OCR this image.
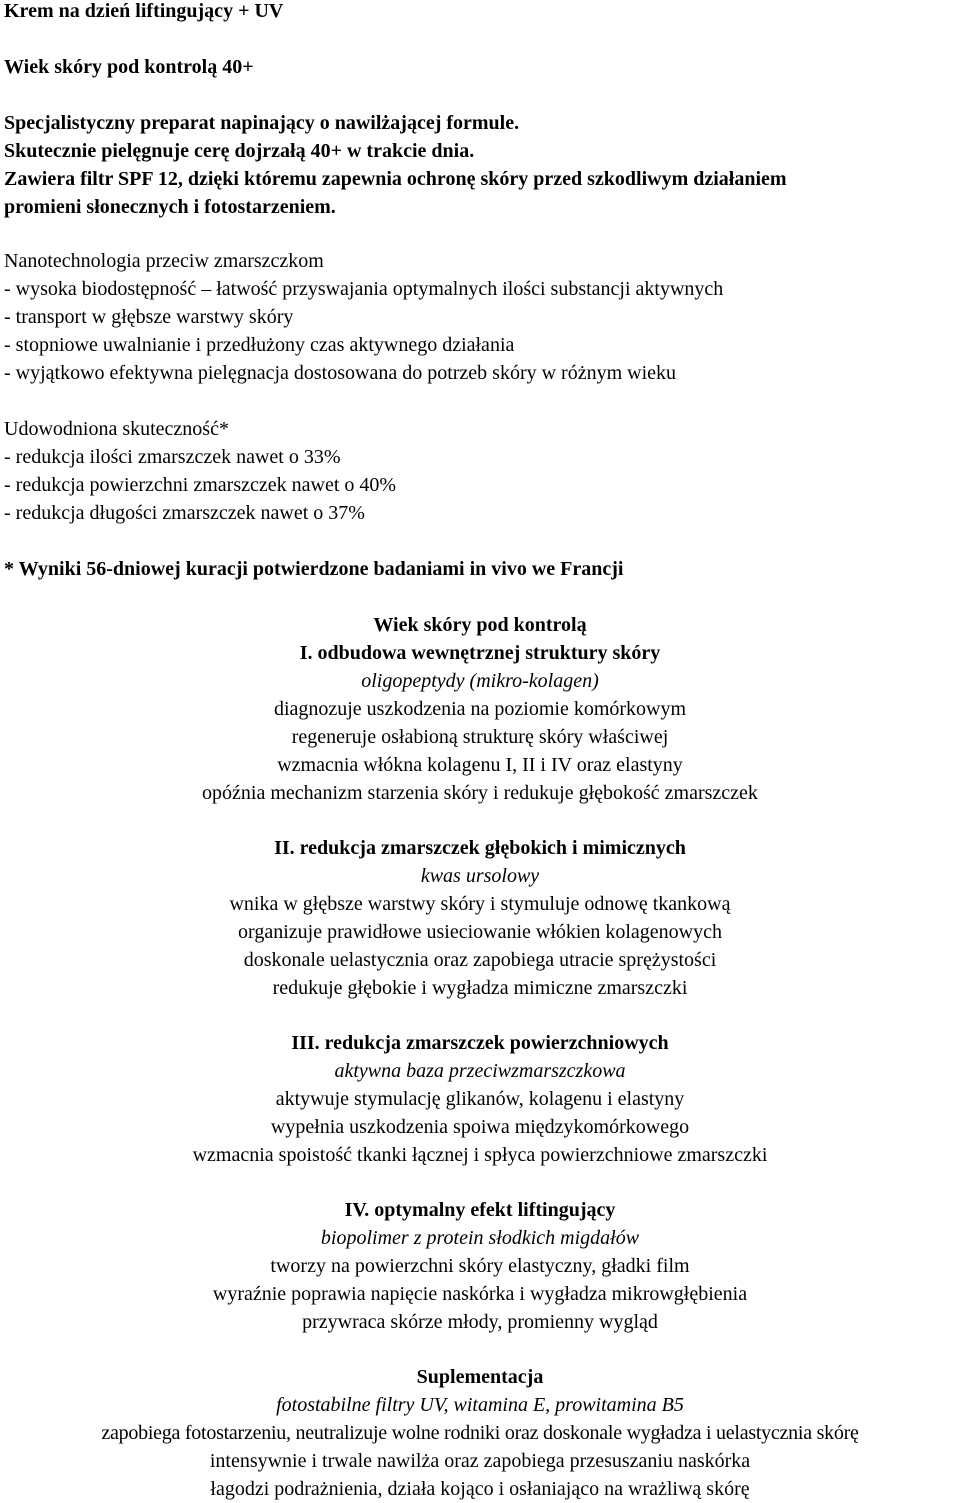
Krem na dzień liftingujący + UV
Wiek skóry pod kontrolą 40+
Specjalistyczny preparat napinający o nawilżającej formule.
Skutecznie pielęgnuje cerę dojrzałą 40+ w trakcie dnia.
Zawiera filtr SPF 12, dzięki któremu zapewnia ochronę skóry przed szkodliwym działaniem
promieni słonecznych i fotostarzeniem.
Nanotechnologia przeciw zmarszczkom
- wysoka biodostępność – łatwość przyswajania optymalnych ilości substancji aktywnych
- transport w głębsze warstwy skóry
- stopniowe uwalnianie i przedłużony czas aktywnego działania
- wyjątkowo efektywna pielęgnacja dostosowana do potrzeb skóry w różnym wieku
Udowodniona skuteczność*
- redukcja ilości zmarszczek nawet o 33%
- redukcja powierzchni zmarszczek nawet o 40%
- redukcja długości zmarszczek nawet o 37%
* Wyniki 56-dniowej kuracji potwierdzone badaniami in vivo we Francji
Wiek skóry pod kontrolą
I. odbudowa wewnętrznej struktury skóry
oligopeptydy (mikro-kolagen)
diagnozuje uszkodzenia na poziomie komórkowym
regeneruje osłabioną strukturę skóry właściwej
wzmacnia włókna kolagenu I, II i IV oraz elastyny
opóźnia mechanizm starzenia skóry i redukuje głębokość zmarszczek
II. redukcja zmarszczek głębokich i mimicznych
kwas ursolowy
wnika w głębsze warstwy skóry i stymuluje odnowę tkankową
organizuje prawidłowe usieciowanie włókien kolagenowych
doskonale uelastycznia oraz zapobiega utracie sprężystości
redukuje głębokie i wygładza mimiczne zmarszczki
III. redukcja zmarszczek powierzchniowych
aktywna baza przeciwzmarszczkowa
aktywuje stymulację glikanów, kolagenu i elastyny
wypełnia uszkodzenia spoiwa międzykomórkowego
wzmacnia spoistość tkanki łącznej i spłyca powierzchniowe zmarszczki
IV. optymalny efekt liftingujący
biopolimer z protein słodkich migdałów
tworzy na powierzchni skóry elastyczny, gładki film
wyraźnie poprawia napięcie naskórka i wygładza mikrowgłębienia
przywraca skórze młody, promienny wygląd
Suplementacja
fotostabilne filtry UV, witamina E, prowitamina B5
zapobiega fotostarzeniu, neutralizuje wolne rodniki oraz doskonale wygładza i uelastycznia skórę
intensywnie i trwale nawilża oraz zapobiega przesuszaniu naskórka
łagodzi podrażnienia, działa kojąco i osłaniająco na wrażliwą skórę
